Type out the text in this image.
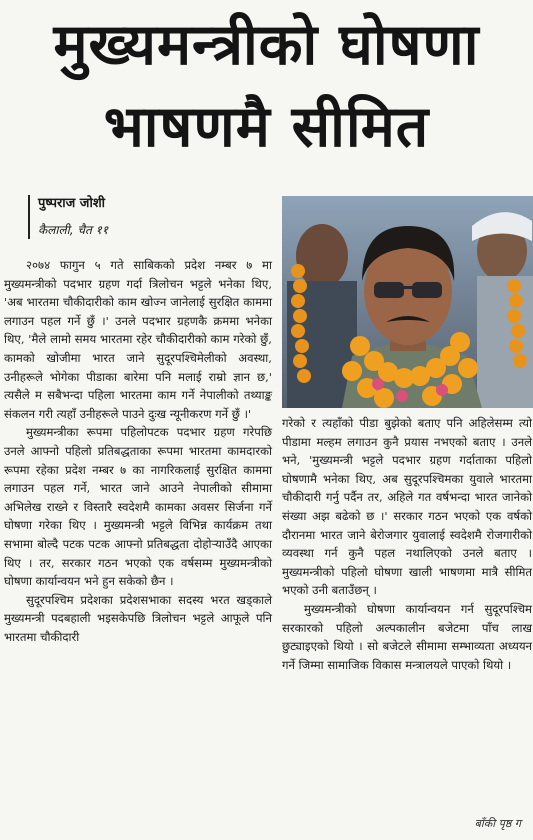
मुख्यमन्त्रीको घोषणा
भाषणमै सीमित
पुष्पराज जोशी
कैलाली, चैत ११

२०७४ फागुन ५ गते साबिकको प्रदेश नम्बर ७ मा मुख्यमन्त्रीको पदभार ग्रहण गर्दा त्रिलोचन भट्टले भनेका थिए, 'अब भारतमा चौकीदारीको काम खोज्न जानेलाई सुरक्षित काममा लगाउन पहल गर्ने छुँ ।' उनले पदभार ग्रहणकै क्रममा भनेका थिए, 'मैले लामो समय भारतमा रहेर चौकीदारीको काम गरेको छुँ, कामको खोजीमा भारत जाने सुदूरपश्चिमेलीको अवस्था, उनीहरूले भोगेका पीडाका बारेमा पनि मलाई राम्रो ज्ञान छ,' त्यसैले म सबैभन्दा पहिला भारतमा काम गर्ने नेपालीको तथ्याङ्क संकलन गरी त्यहाँ उनीहरूले पाउने दुःख न्यूनीकरण गर्ने छुँ ।'

मुख्यमन्त्रीका रूपमा पहिलोपटक पदभार ग्रहण गरेपछि उनले आफ्नो पहिलो प्रतिबद्धताका रूपमा भारतमा कामदारको रूपमा रहेका प्रदेश नम्बर ७ का नागरिकलाई सुरक्षित काममा लगाउन पहल गर्ने, भारत जाने आउने नेपालीको सीमामा अभिलेख राख्ने र विस्तारै स्वदेशमै कामका अवसर सिर्जना गर्ने घोषणा गरेका थिए । मुख्यमन्त्री भट्टले विभिन्न कार्यक्रम तथा सभामा बोल्दै पटक पटक आफ्नो प्रतिबद्धता दोहोऱ्याउँदै आएका थिए । तर, सरकार गठन भएको एक वर्षसम्म मुख्यमन्त्रीको घोषणा कार्यान्वयन भने हुन सकेको छैन ।

सुदूरपश्चिम प्रदेशका प्रदेशसभाका सदस्य भरत खड्काले मुख्यमन्त्री पदबहाली भइसकेपछि त्रिलोचन भट्टले आफूले पनि भारतमा चौकीदारी

गरेको र त्यहाँको पीडा बुझेको बताए पनि अहिलेसम्म त्यो पीडामा मल्हम लगाउन कुनै प्रयास नभएको बताए । उनले भने, 'मुख्यमन्त्री भट्टले पदभार ग्रहण गर्दाताका पहिलो घोषणामै भनेका थिए, अब सुदूरपश्चिमका युवाले भारतमा चौकीदारी गर्नु पर्दैन तर, अहिले गत वर्षभन्दा भारत जानेको संख्या अझ बढेको छ ।' सरकार गठन भएको एक वर्षको दौरानमा भारत जाने बेरोजगार युवालाई स्वदेशमै रोजगारीको व्यवस्था गर्न कुनै पहल नथालिएको उनले बताए । मुख्यमन्त्रीको पहिलो घोषणा खाली भाषणमा मात्रै सीमित भएको उनी बताउँछन् ।

मुख्यमन्त्रीको घोषणा कार्यान्वयन गर्न सुदूरपश्चिम सरकारको पहिलो अल्पकालीन बजेटमा पाँच लाख छुट्याइएको थियो । सो बजेटले सीमामा सम्भाव्यता अध्ययन गर्ने जिम्मा सामाजिक विकास मन्त्रालयले पाएको थियो ।

बाँकी पृष्ठ ग
